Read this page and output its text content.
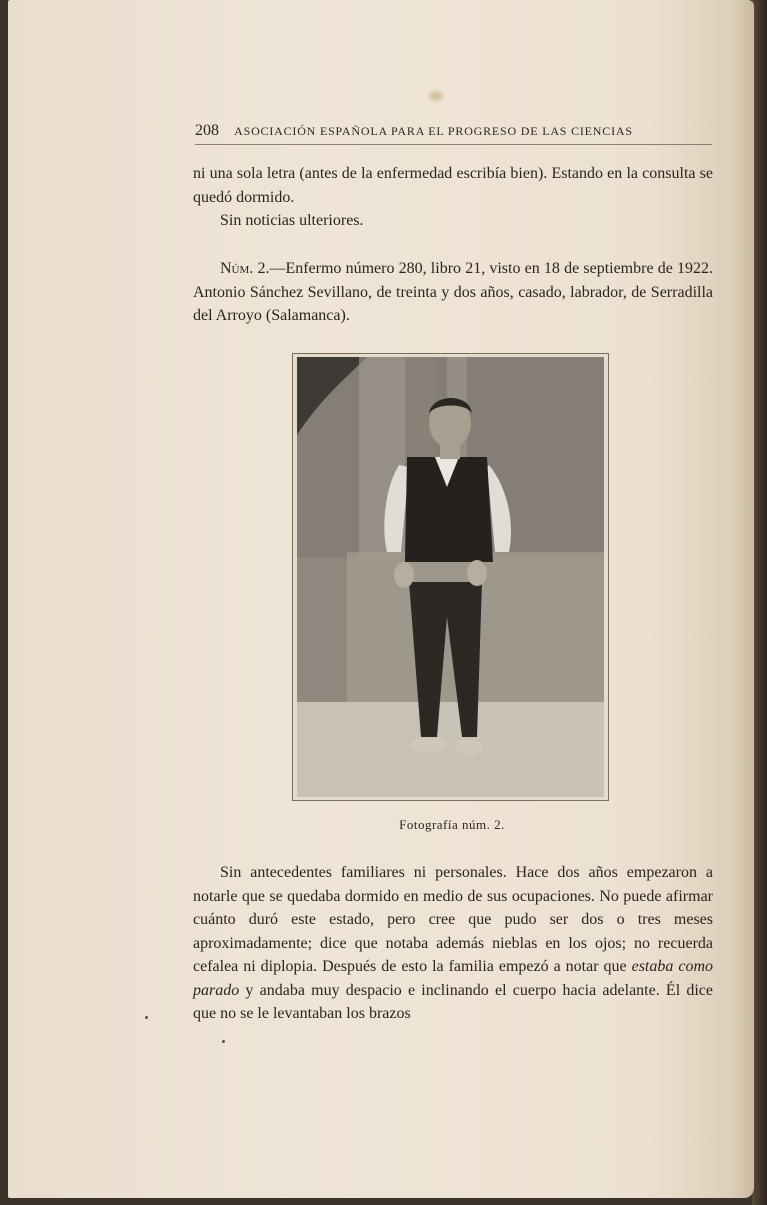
208 ASOCIACIÓN ESPAÑOLA PARA EL PROGRESO DE LAS CIENCIAS

ni una sola letra (antes de la enfermedad escribía bien). Estando en la consulta se quedó dormido.

Sin noticias ulteriores.

Núm. 2.—Enfermo número 280, libro 21, visto en 18 de septiembre de 1922. Antonio Sánchez Sevillano, de treinta y dos años, casado, labrador, de Serradilla del Arroyo (Salamanca).

Fotografía núm. 2.

Sin antecedentes familiares ni personales. Hace dos años empezaron a notarle que se quedaba dormido en medio de sus ocupaciones. No puede afirmar cuánto duró este estado, pero cree que pudo ser dos o tres meses aproximadamente; dice que notaba además nieblas en los ojos; no recuerda cefalea ni diplopia. Después de esto la familia empezó a notar que estaba como parado y andaba muy despacio e inclinando el cuerpo hacia adelante. Él dice que no se le levantaban los brazos
